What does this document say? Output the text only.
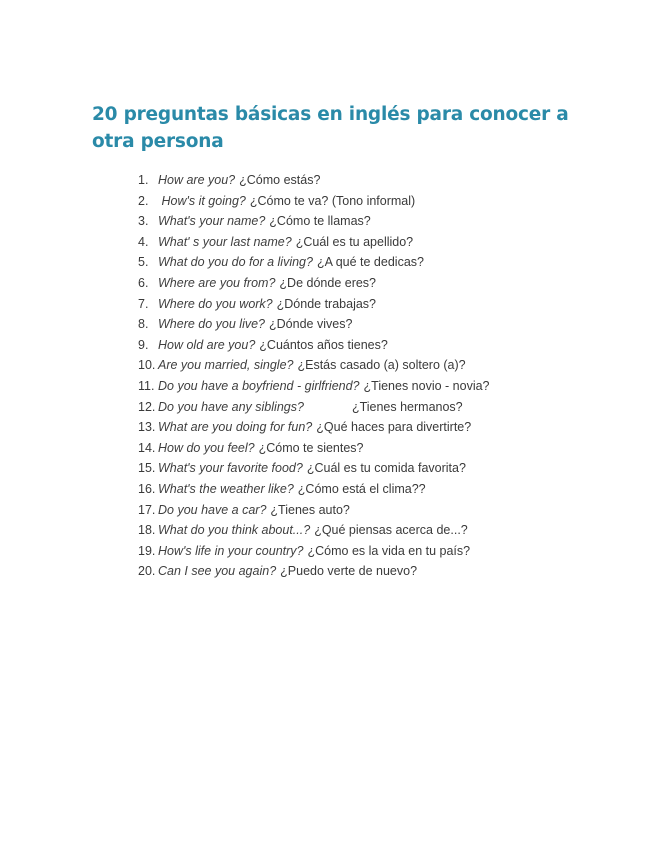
20 preguntas básicas en inglés para conocer a otra persona
1. How are you? ¿Cómo estás?
2. How's it going? ¿Cómo te va? (Tono informal)
3. What's your name? ¿Cómo te llamas?
4. What' s your last name? ¿Cuál es tu apellido?
5. What do you do for a living? ¿A qué te dedicas?
6. Where are you from? ¿De dónde eres?
7. Where do you work? ¿Dónde trabajas?
8. Where do you live? ¿Dónde vives?
9. How old are you? ¿Cuántos años tienes?
10. Are you married, single? ¿Estás casado (a) soltero (a)?
11. Do you have a boyfriend - girlfriend? ¿Tienes novio - novia?
12. Do you have any siblings?	¿Tienes hermanos?
13. What are you doing for fun? ¿Qué haces para divertirte?
14. How do you feel? ¿Cómo te sientes?
15. What's your favorite food? ¿Cuál es tu comida favorita?
16. What's the weather like? ¿Cómo está el clima??
17. Do you have a car? ¿Tienes auto?
18. What do you think about...? ¿Qué piensas acerca de...?
19. How's life in your country? ¿Cómo es la vida en tu país?
20. Can I see you again? ¿Puedo verte de nuevo?
